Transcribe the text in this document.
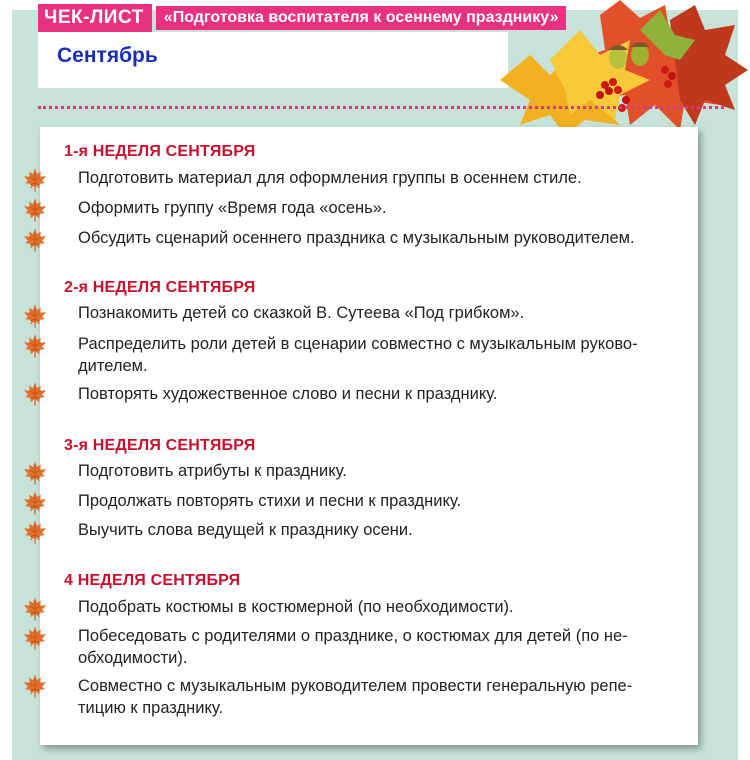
ЧЕК-ЛИСТ	«Подготовка воспитателя к осеннему празднику»
Сентябрь
1-я НЕДЕЛЯ СЕНТЯБРЯ
Подготовить материал для оформления группы в осеннем стиле.
Оформить группу «Время года «осень».
Обсудить сценарий осеннего праздника с музыкальным руководителем.
2-я НЕДЕЛЯ СЕНТЯБРЯ
Познакомить детей со сказкой В. Сутеева «Под грибком».
Распределить роли детей в сценарии совместно с музыкальным руково-
дителем.
Повторять художественное слово и песни к празднику.
3-я НЕДЕЛЯ СЕНТЯБРЯ
Подготовить атрибуты к празднику.
Продолжать повторять стихи и песни к празднику.
Выучить слова ведущей к празднику осени.
4 НЕДЕЛЯ СЕНТЯБРЯ
Подобрать костюмы в костюмерной (по необходимости).
Побеседовать с родителями о празднике, о костюмах для детей (по не-
обходимости).
Совместно с музыкальным руководителем провести генеральную репе-
тицию к празднику.
